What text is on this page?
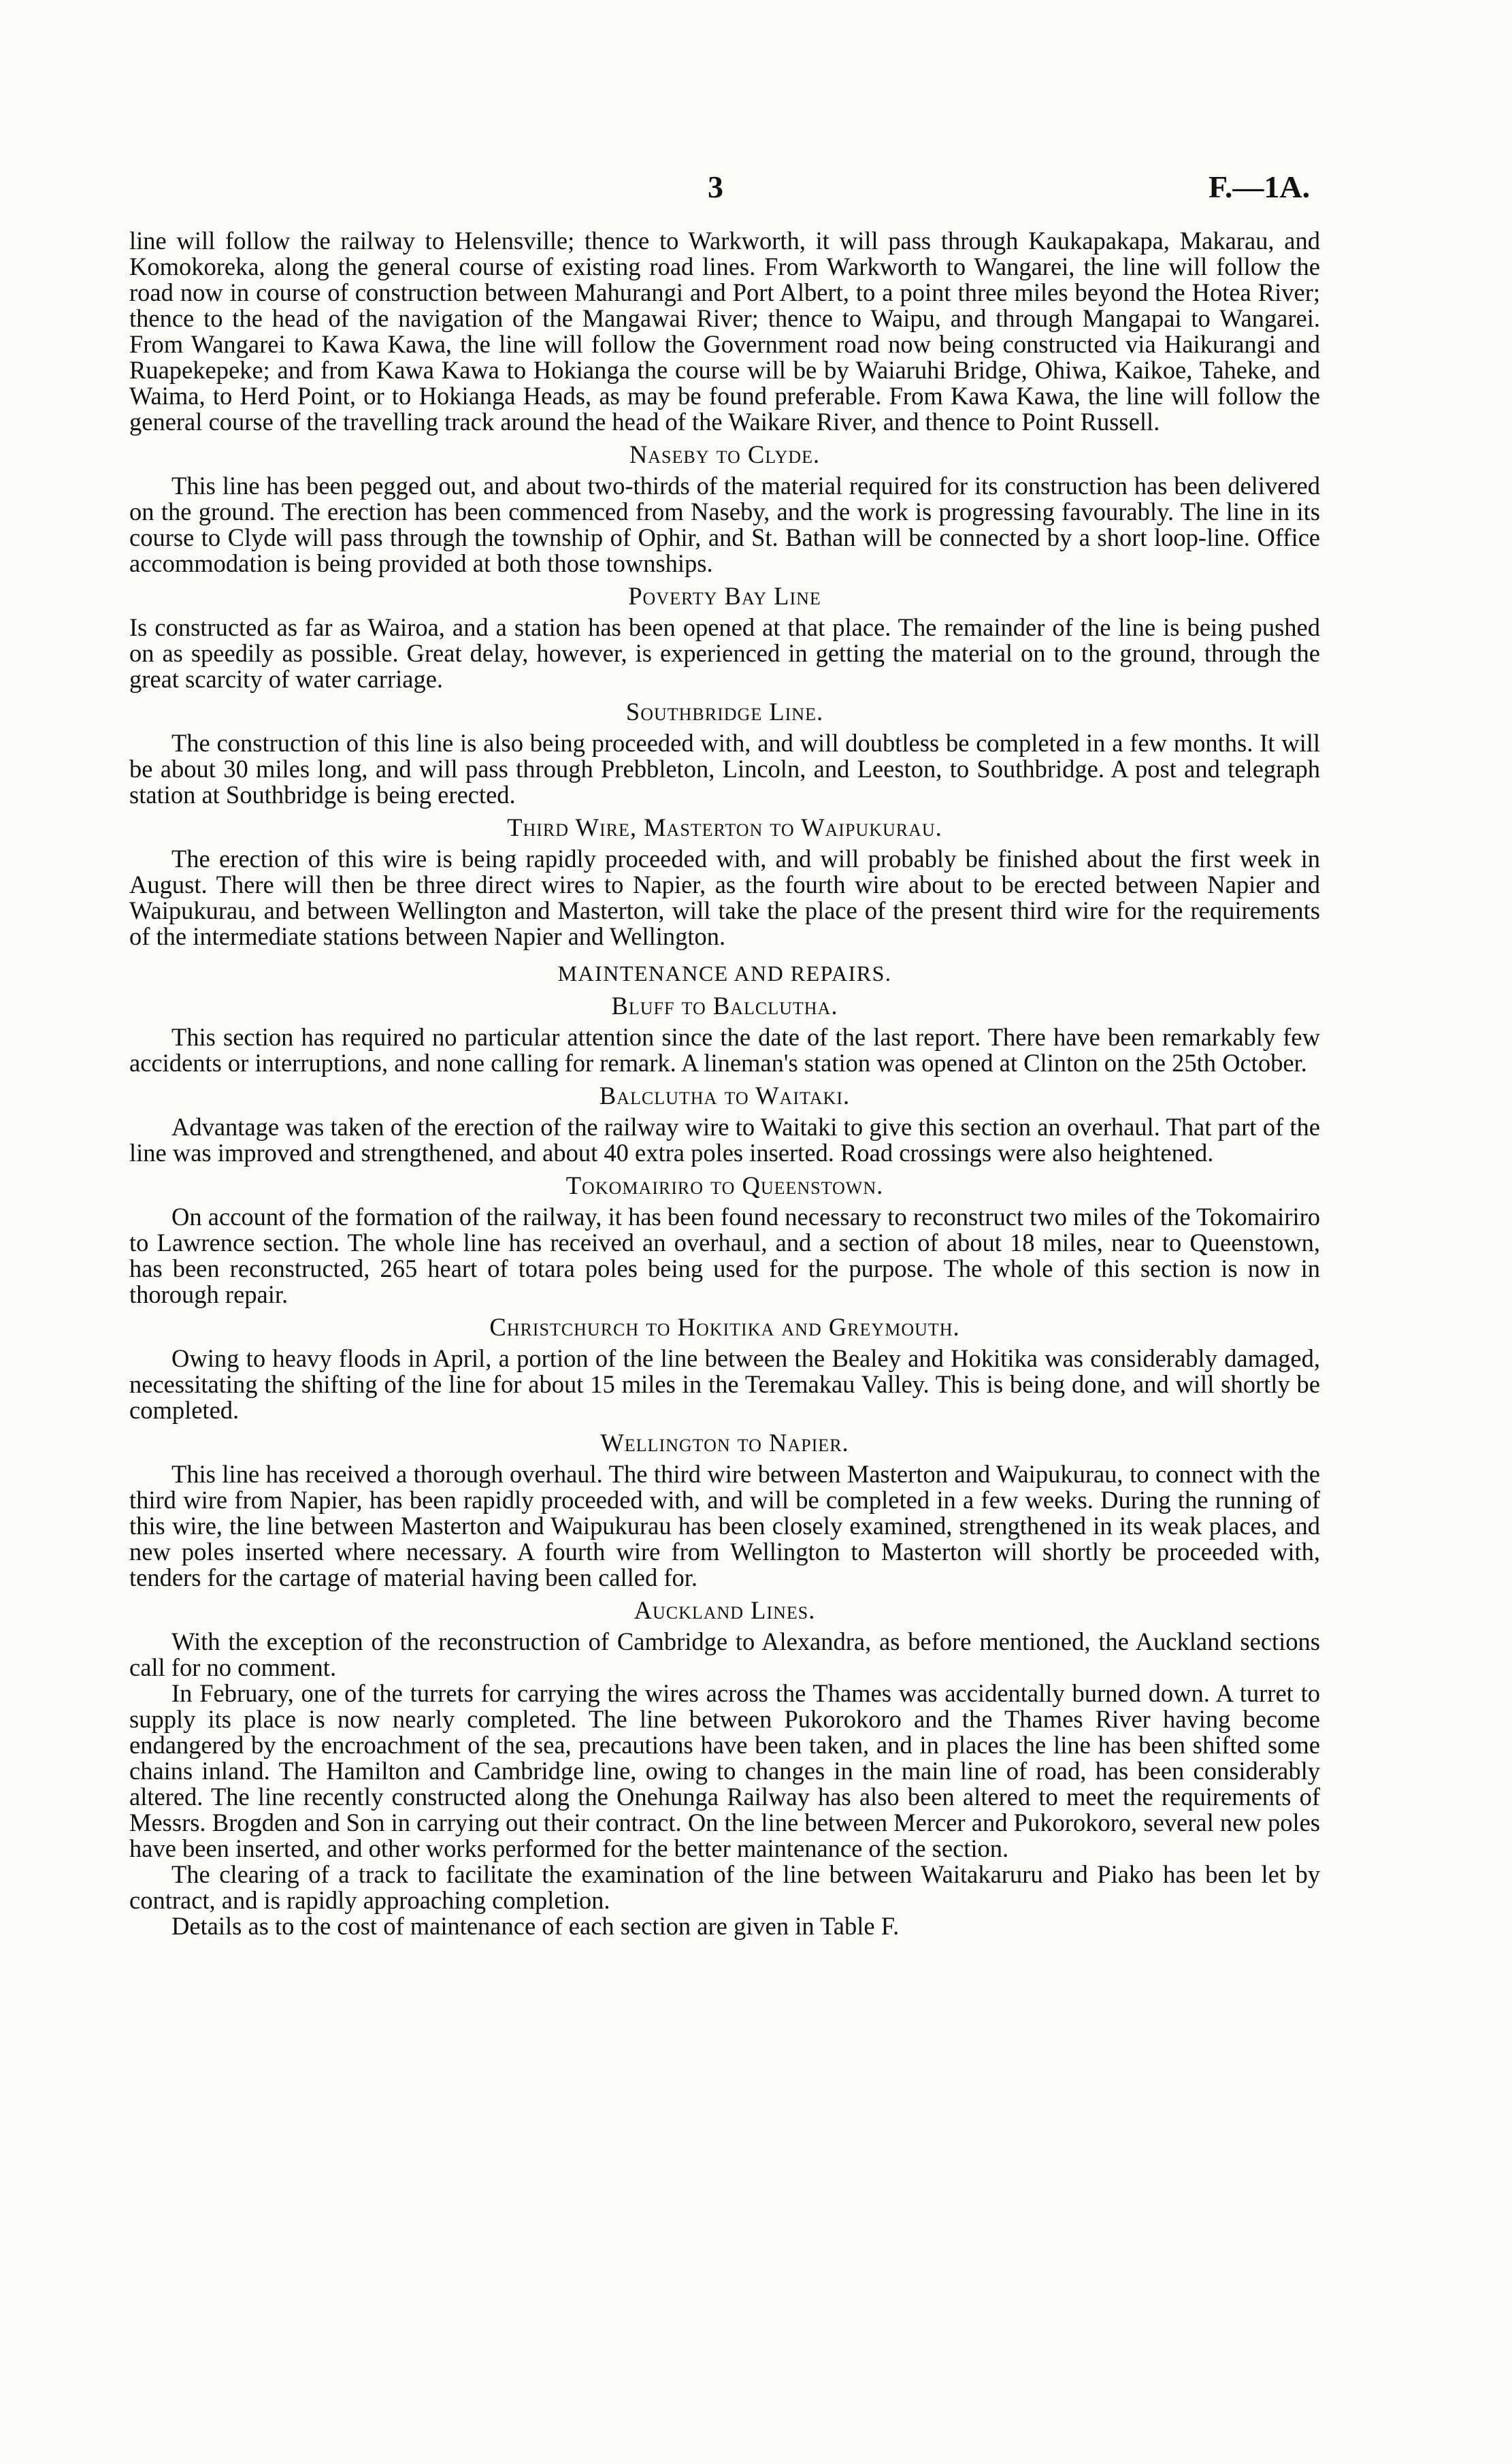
3	F.—1A.

line will follow the railway to Helensville; thence to Warkworth, it will pass through Kaukapakapa, Makarau, and Komokoreka, along the general course of existing road lines. From Warkworth to Wangarei, the line will follow the road now in course of construction between Mahurangi and Port Albert, to a point three miles beyond the Hotea River; thence to the head of the navigation of the Mangawai River; thence to Waipu, and through Mangapai to Wangarei. From Wangarei to Kawa Kawa, the line will follow the Government road now being constructed via Haikurangi and Ruapekepeke; and from Kawa Kawa to Hokianga the course will be by Waiaruhi Bridge, Ohiwa, Kaikoe, Taheke, and Waima, to Herd Point, or to Hokianga Heads, as may be found preferable. From Kawa Kawa, the line will follow the general course of the travelling track around the head of the Waikare River, and thence to Point Russell.

Naseby to Clyde.

This line has been pegged out, and about two-thirds of the material required for its construction has been delivered on the ground. The erection has been commenced from Naseby, and the work is progressing favourably. The line in its course to Clyde will pass through the township of Ophir, and St. Bathan will be connected by a short loop-line. Office accommodation is being provided at both those townships.

Poverty Bay Line

Is constructed as far as Wairoa, and a station has been opened at that place. The remainder of the line is being pushed on as speedily as possible. Great delay, however, is experienced in getting the material on to the ground, through the great scarcity of water carriage.

Southbridge Line.

The construction of this line is also being proceeded with, and will doubtless be completed in a few months. It will be about 30 miles long, and will pass through Prebbleton, Lincoln, and Leeston, to Southbridge. A post and telegraph station at Southbridge is being erected.

Third Wire, Masterton to Waipukurau.

The erection of this wire is being rapidly proceeded with, and will probably be finished about the first week in August. There will then be three direct wires to Napier, as the fourth wire about to be erected between Napier and Waipukurau, and between Wellington and Masterton, will take the place of the present third wire for the requirements of the intermediate stations between Napier and Wellington.

MAINTENANCE AND REPAIRS.
Bluff to Balclutha.

This section has required no particular attention since the date of the last report. There have been remarkably few accidents or interruptions, and none calling for remark. A lineman's station was opened at Clinton on the 25th October.

Balclutha to Waitaki.

Advantage was taken of the erection of the railway wire to Waitaki to give this section an overhaul. That part of the line was improved and strengthened, and about 40 extra poles inserted. Road crossings were also heightened.

Tokomairiro to Queenstown.

On account of the formation of the railway, it has been found necessary to reconstruct two miles of the Tokomairiro to Lawrence section. The whole line has received an overhaul, and a section of about 18 miles, near to Queenstown, has been reconstructed, 265 heart of totara poles being used for the purpose. The whole of this section is now in thorough repair.

Christchurch to Hokitika and Greymouth.

Owing to heavy floods in April, a portion of the line between the Bealey and Hokitika was considerably damaged, necessitating the shifting of the line for about 15 miles in the Teremakau Valley. This is being done, and will shortly be completed.

Wellington to Napier.

This line has received a thorough overhaul. The third wire between Masterton and Waipukurau, to connect with the third wire from Napier, has been rapidly proceeded with, and will be completed in a few weeks. During the running of this wire, the line between Masterton and Waipukurau has been closely examined, strengthened in its weak places, and new poles inserted where necessary. A fourth wire from Wellington to Masterton will shortly be proceeded with, tenders for the cartage of material having been called for.

Auckland Lines.

With the exception of the reconstruction of Cambridge to Alexandra, as before mentioned, the Auckland sections call for no comment.

In February, one of the turrets for carrying the wires across the Thames was accidentally burned down. A turret to supply its place is now nearly completed. The line between Pukorokoro and the Thames River having become endangered by the encroachment of the sea, precautions have been taken, and in places the line has been shifted some chains inland. The Hamilton and Cambridge line, owing to changes in the main line of road, has been considerably altered. The line recently constructed along the Onehunga Railway has also been altered to meet the requirements of Messrs. Brogden and Son in carrying out their contract. On the line between Mercer and Pukorokoro, several new poles have been inserted, and other works performed for the better maintenance of the section.

The clearing of a track to facilitate the examination of the line between Waitakaruru and Piako has been let by contract, and is rapidly approaching completion.

Details as to the cost of maintenance of each section are given in Table F.
